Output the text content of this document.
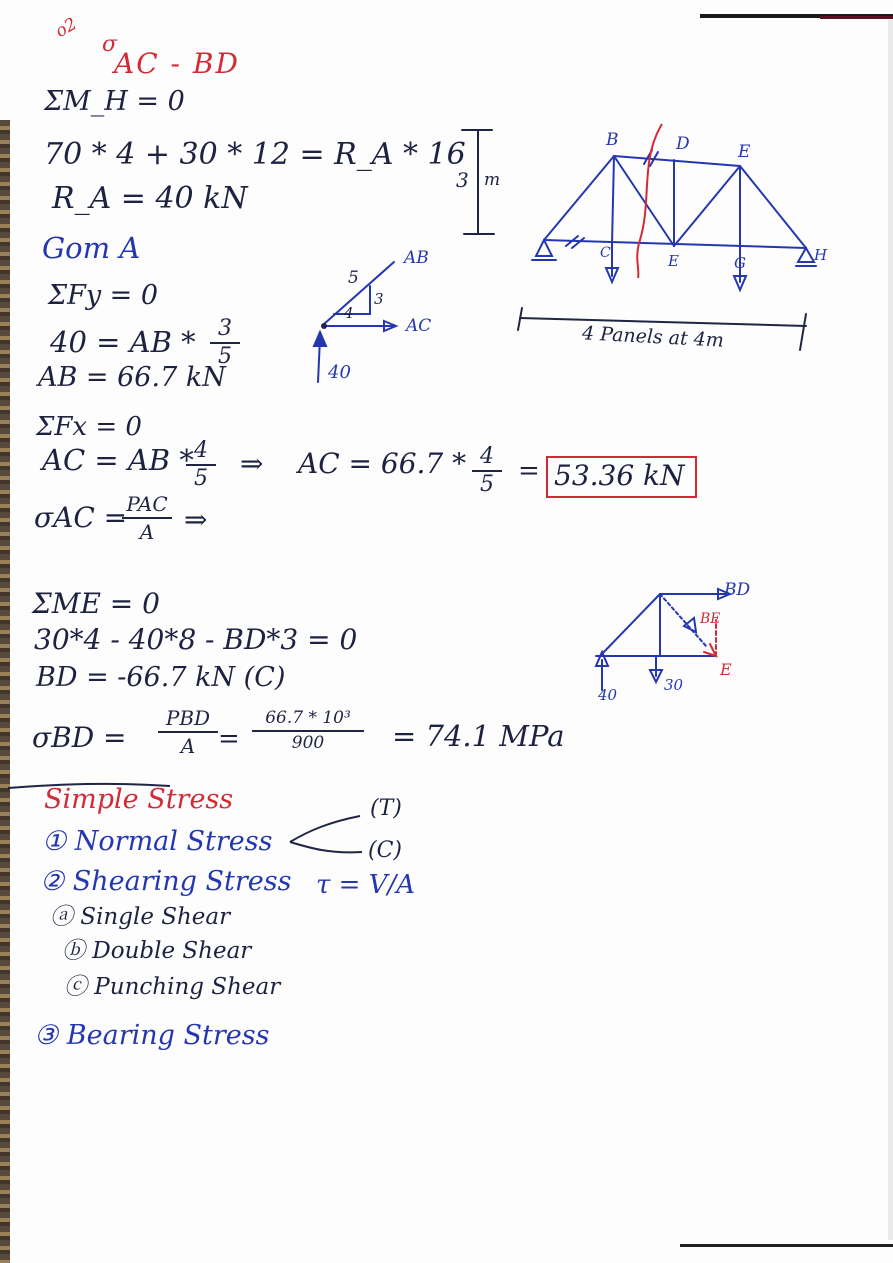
o2
σ
AC - BD
ΣM_H = 0
70 * 4 + 30 * 12 = R_A * 16
R_A = 40 kN
Gom A
ΣFy = 0
40 = AB *	3
5
AB = 66.7 kN
ΣFx = 0
AC = AB * 4
5 ⇒ AC = 66.7 * 4
5 = 53.36 kN
σAC = PAC
A	⇒
5
3
4
AB
AC
40
3 m
B	D	E
C	E	G	H
4 Panels at 4m
ΣME = 0
30*4 - 40*8 - BD*3 = 0
BD = -66.7 kN (C)
σBD =
PBD
A =
66.7 * 10³
900	= 74.1 MPa
BD
BE
E
40
30
Simple Stress
① Normal Stress
(T)
(C)
② Shearing Stress τ = V/A
ⓐ Single Shear
ⓑ Double Shear
ⓒ Punching Shear
③ Bearing Stress
